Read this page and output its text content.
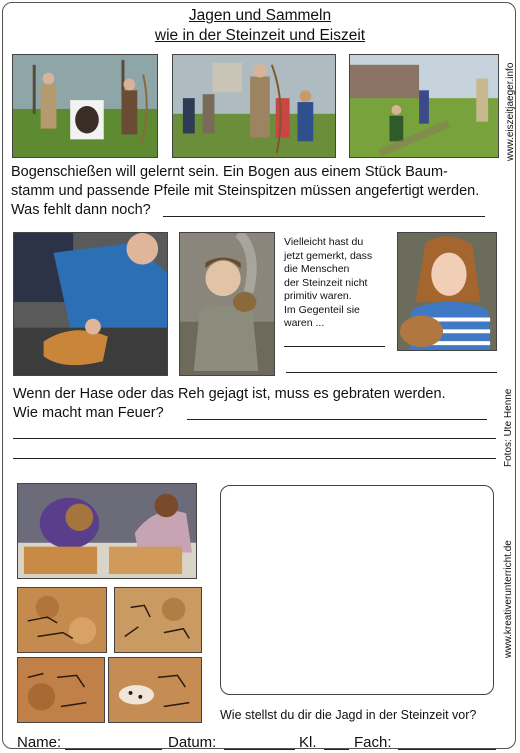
Jagen und Sammeln
wie in der Steinzeit und Eiszeit
www.eiszeitjaeger.info
Bogenschießen will gelernt sein. Ein Bogen aus einem Stück Baum-
stamm und passende Pfeile mit Steinspitzen müssen angefertigt werden.
Was fehlt dann noch?
Vielleicht hast du
jetzt gemerkt, dass
die Menschen
der Steinzeit nicht
primitiv waren.
Im Gegenteil sie
waren ...
Wenn der Hase oder das Reh gejagt ist, muss es gebraten werden.
Wie macht man Feuer?	Fotos: Ute Henne
www.kreativerunterricht.de
Wie stellst du dir die Jagd in der Steinzeit vor?
Name:	Datum:	Kl. Fach:
